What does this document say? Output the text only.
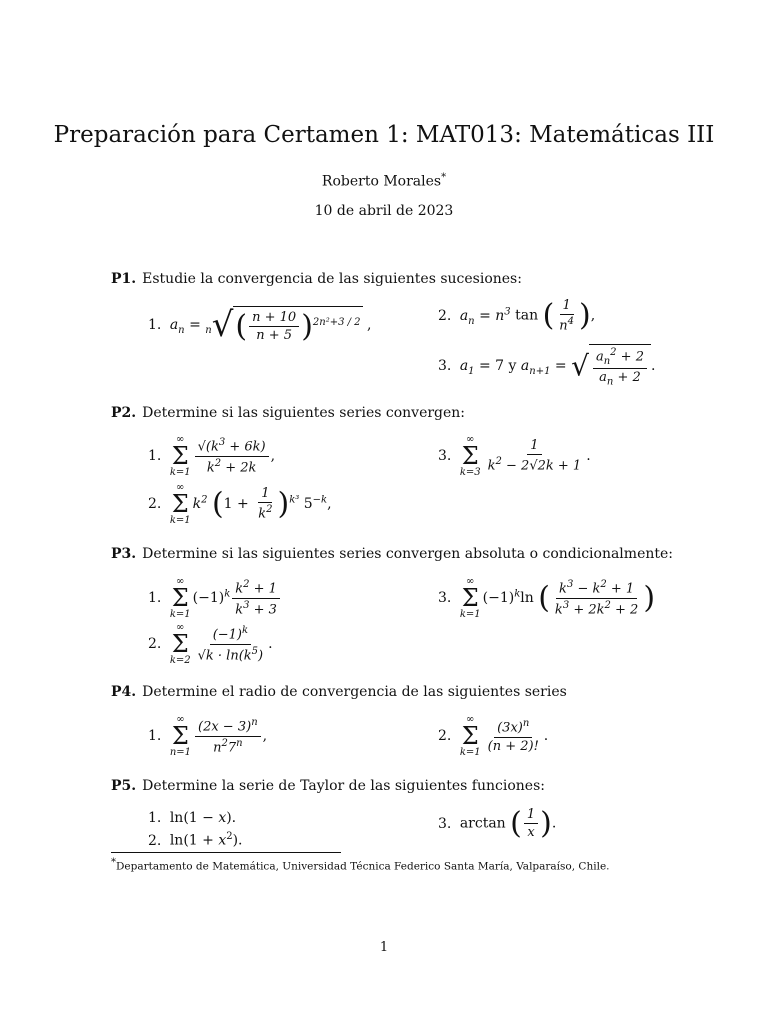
Preparación para Certamen 1: MAT013: Matemáticas III
Roberto Morales*
10 de abril de 2023
P1. Estudie la convergencia de las siguientes sucesiones:
1. $a_n = _n√( \frac{n + 10}{n + 5} )^{2n^2+3 / 2}$ ,
2. $a_n = n^3$ tan ( $\frac{1}{n^4}$ ),
3. $a_1 = 7$ y $a_{n+1}$ = √ $\frac{a_n^2 + 2}{a_n + 2}$ .
P2. Determine si las siguientes series convergen:
1.
∞
Σ
$k=1 \frac{√(k^3 + 6k)}{k^2 + 2k}$ ,	3.
∞
Σ
$k=3 \frac{1}{k^2 - 2√2k + 1}$ .
2.
∞
Σ
k=1
$k^2$ $(1 + \frac{1}{k^2} )^{k^3}$ $5^{-k}$,
P3. Determine si las siguientes series convergen absoluta o condicionalmente:
1.
∞
Σ
k=1
$(-1)^k \frac{k^2 + 1}{k^3 + 3}$	3.
∞
Σ
k=1
$(-1)^k\ln$ ( $\frac{k^3 - k^2 + 1}{k^3 + 2k^2 + 2}$ )
2.
∞
Σ
$k=2 \frac{(-1)^k}{√k \cdot \ln(k^5)}$ .
P4. Determine el radio de convergencia de las siguientes series
1.
∞
Σ
$n=1 \frac{(2x - 3)^n}{n^27^n}$ ,	2.
∞
Σ
$k=1 \frac{(3x)^n}{(n + 2)!}$ .
P5. Determine la serie de Taylor de las siguientes funciones:
1. ln(1 − x).
2. $\ln(1 + x^2)$.
3. arctan ( $\frac{1}{x}$ ).
*Departamento de Matemática, Universidad Técnica Federico Santa María, Valparaíso, Chile.
1
